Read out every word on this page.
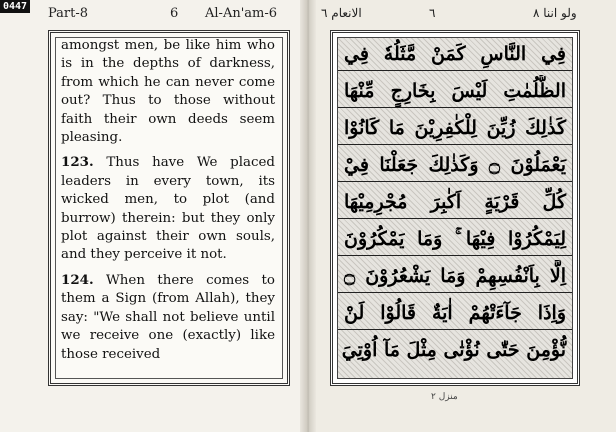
Part-8	6 Al-An'am-6	الانعام ٦	٦	ولو اننا ٨
منزل ٢
0447

amongst men, be like him who is in the depths of darkness, from which he can never come out? Thus to those without faith their own deeds seem pleasing.

123. Thus have We placed leaders in every town, its wicked men, to plot (and burrow) therein: but they only plot against their own souls, and they perceive it not.

124. When there comes to them a Sign (from Allah), they say: "We shall not believe until we receive one (exactly) like those received

فِي النَّاسِ كَمَنْ مَّثَلُهٗ فِي
الظُّلُمٰتِ لَيْسَ بِخَارِجٍ مِّنْهَا
كَذٰلِكَ زُيِّنَ لِلْكٰفِرِيْنَ مَا كَانُوْا
يَعْمَلُوْنَ ۝ وَكَذٰلِكَ جَعَلْنَا فِيْ
كُلِّ قَرْيَةٍ اَكٰبِرَ مُجْرِمِيْهَا
لِيَمْكُرُوْا فِيْهَا ۚ وَمَا يَمْكُرُوْنَ
اِلَّا بِاَنْفُسِهِمْ وَمَا يَشْعُرُوْنَ ۝
وَاِذَا جَآءَتْهُمْ اٰيَةٌ قَالُوْا لَنْ
نُّؤْمِنَ حَتّٰى نُؤْتٰى مِثْلَ مَآ اُوْتِيَ
